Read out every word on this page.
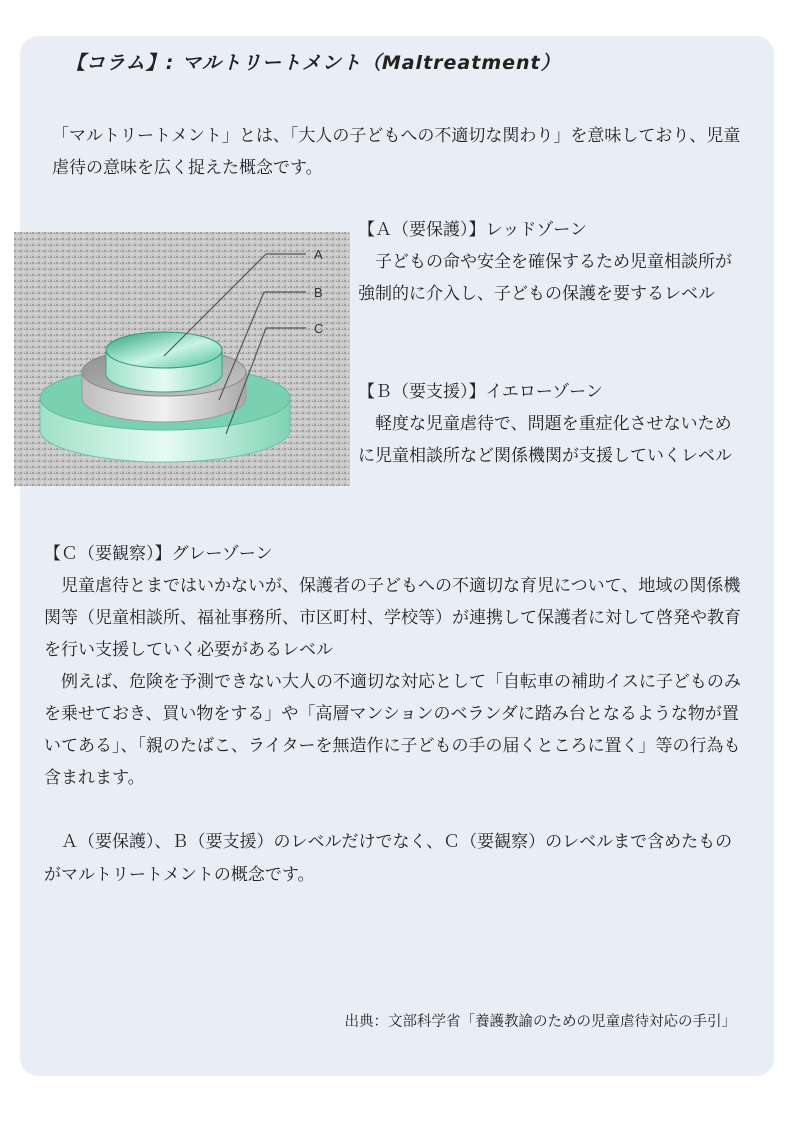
【コラム】: マルトリートメント（Maltreatment）

「マルトリートメント」とは、「大人の子どもへの不適切な関わり」を意味しており、児童虐待の意味を広く捉えた概念です。

A
B
C
【Ａ（要保護）】レッドゾーン

　子どもの命や安全を確保するため児童相談所が強制的に介入し、子どもの保護を要するレベル

【Ｂ（要支援）】イエローゾーン

　軽度な児童虐待で、問題を重症化させないために児童相談所など関係機関が支援していくレベル

【Ｃ（要観察）】グレーゾーン

　児童虐待とまではいかないが、保護者の子どもへの不適切な育児について、地域の関係機関等（児童相談所、福祉事務所、市区町村、学校等）が連携して保護者に対して啓発や教育を行い支援していく必要があるレベル

　例えば、危険を予測できない大人の不適切な対応として「自転車の補助イスに子どものみを乗せておき、買い物をする」や「高層マンションのベランダに踏み台となるような物が置いてある」、「親のたばこ、ライターを無造作に子どもの手の届くところに置く」等の行為も含まれます。

　Ａ（要保護）、Ｂ（要支援）のレベルだけでなく、Ｃ（要観察）のレベルまで含めたものがマルトリートメントの概念です。

出典：文部科学省「養護教諭のための児童虐待対応の手引」
